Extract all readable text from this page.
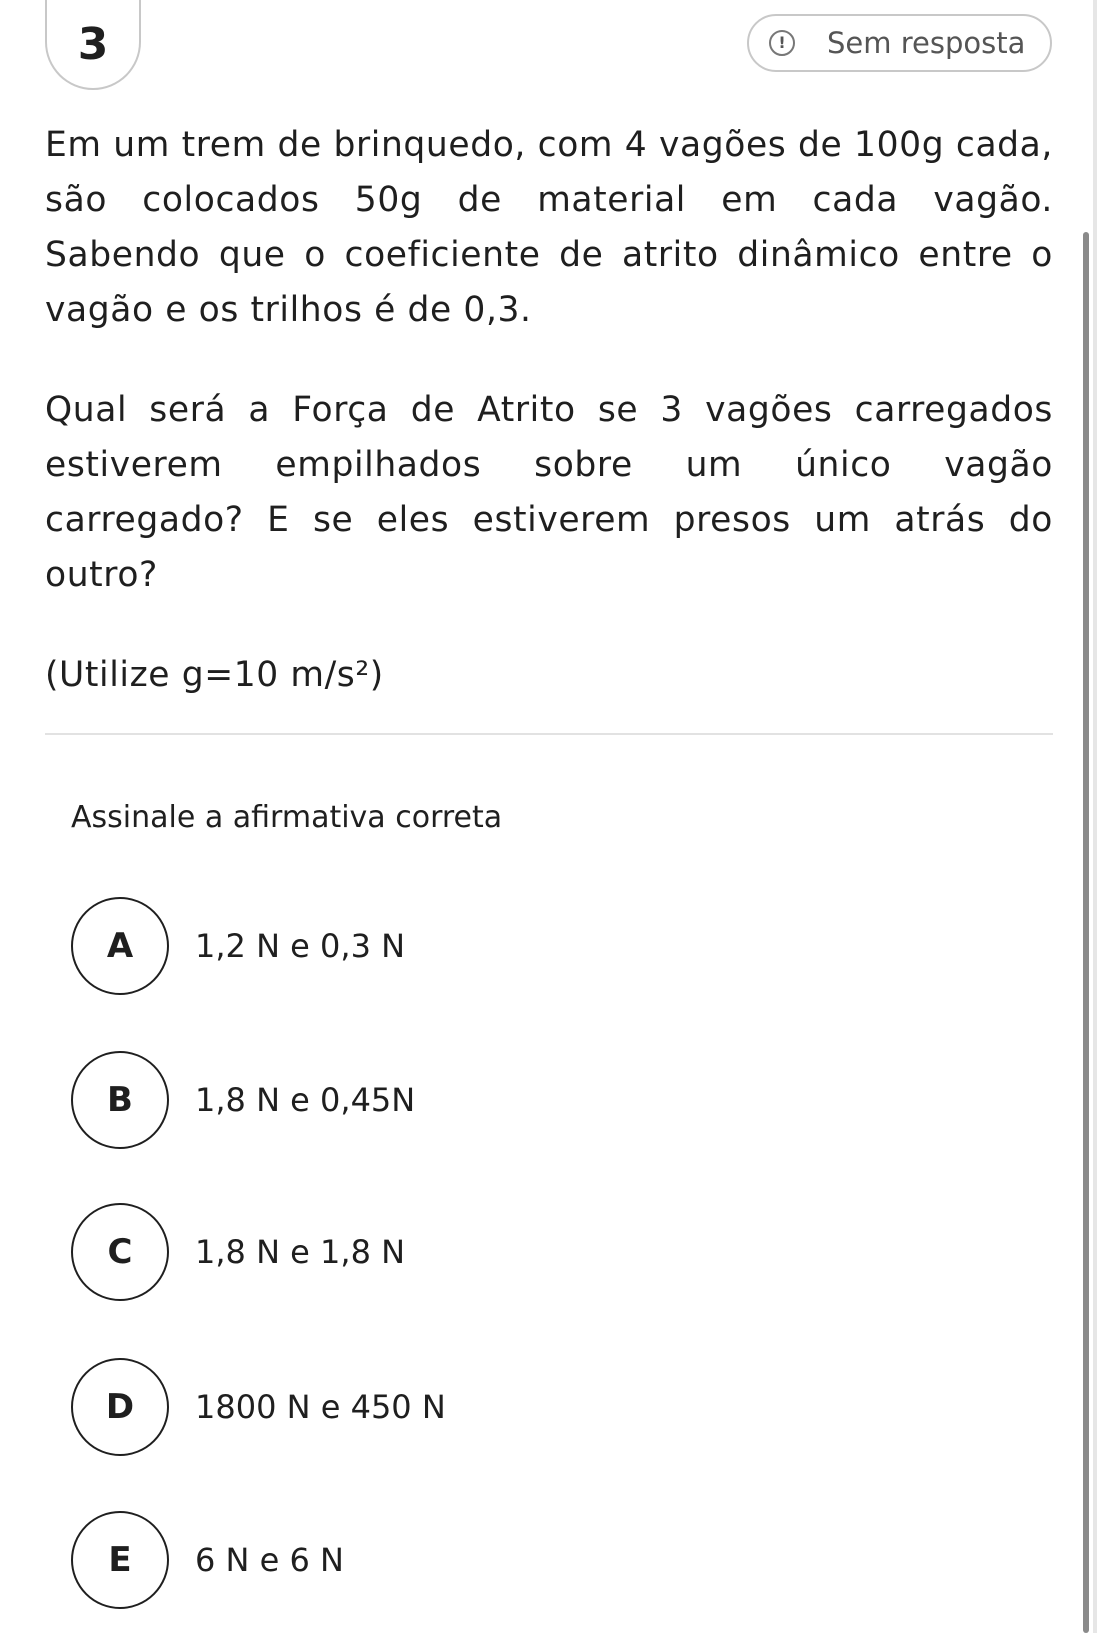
3	!	Sem resposta

Em um trem de brinquedo, com 4 vagões de 100g cada, são colocados 50g de material em cada vagão. Sabendo que o coeficiente de atrito dinâmico entre o vagão e os trilhos é de 0,3.

Qual será a Força de Atrito se 3 vagões carregados estiverem empilhados sobre um único vagão carregado? E se eles estiverem presos um atrás do outro?

(Utilize g=10 m/s²)

Assinale a afirmativa correta
A	1,2 N e 0,3 N
B	1,8 N e 0,45N
C	1,8 N e 1,8 N
D	1800 N e 450 N
E	6 N e 6 N
